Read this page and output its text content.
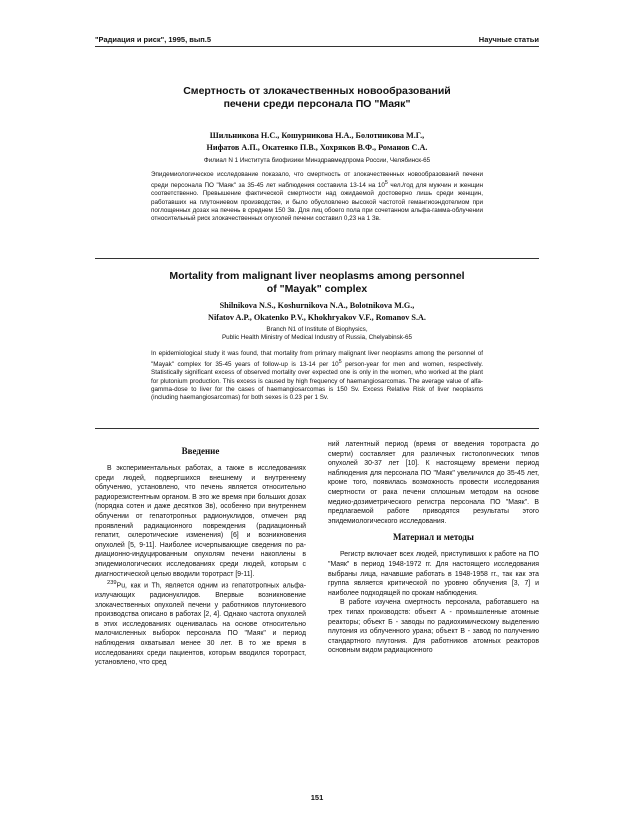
"Радиация и риск", 1995, вып.5	Научные статьи
Смертность от злокачественных новообразований
печени среди персонала ПО "Маяк"
Шильникова Н.С., Кошурникова Н.А., Болотникова М.Г.,
Нифатов А.П., Окатенко П.В., Хохряков В.Ф., Романов С.А.
Филиал N 1 Института биофизики Минздравмедпрома России, Челябинск-65

Эпидемиологическое исследование показало, что смертность от злокачественных новообразований печени среди персонала ПО "Маяк" за 35-45 лет наблюдения составила 13-14 на $10^5$ чел./год для мужчин и женщин соответственно. Превышение фактической смертности над ожидаемой достоверно лишь среди женщин, работавших на плутониевом производстве, и было обусловлено высокой частотой гемангиоэндотелиом при поглощенных дозах на печень в среднем 150 Зв. Для лиц обоего пола при сочетанном альфа-гамма-облучении относительный риск злокачественных опухолей печени составил 0,23 на 1 Зв.

Mortality from malignant liver neoplasms among personnel
of "Mayak" complex
Shilnikova N.S., Koshurnikova N.A., Bolotnikova M.G.,
Nifatov A.P., Okatenko P.V., Khokhryakov V.F., Romanov S.A.
Branch N1 of Institute of Biophysics,
Public Health Ministry of Medical Industry of Russia, Chelyabinsk-65

In epidemiological study it was found, that mortality from primary malignant liver neoplasms among the personnel of "Mayak" complex for 35-45 years of follow-up is 13-14 per $10^5$ person-year for men and women, respectively. Statistically significant excess of observed mortality over expected one is only in the women, who worked at the plant for plutonium production. This excess is caused by high frequency of haemangiosarcomas. The average value of alfa-gamma-dose to liver for the cases of haemangiosarcomas is 150 Sv. Excess Relative Risk of liver neoplasms (including haemangiosarcomas) for both sexes is 0.23 per 1 Sv.

Введение

В экспериментальных работах, а также в исследованиях среди людей, подвергшихся внешнему и внутреннему облучению, установлено, что печень является относительно радиорезистентным органом. В это же время при больших дозах (порядка сотен и даже десятков Зв), особенно при внутреннем облучении от гепатотропных радионуклидов, отмечен ряд проявлений радиационного повреждения (радиационный гепатит, склеротические изменения) [6] и возникновения опухолей [5, 9-11]. Наиболее исчерпывающие сведения по радиационно-индуцированным опухолям печени накоплены в эпидемиологических исследованиях среди людей, которым с диагностической целью вводили торотраст [9-11].

$^{239}$Pu, как и Th, является одним из гепатотропных альфа-излучающих радионуклидов. Впервые возникновение злокачественных опухолей печени у работников плутониевого производства описано в работах [2, 4]. Однако частота опухолей в этих исследованиях оценивалась на основе относительно малочисленных выборок персонала ПО "Маяк" и период наблюдения охватывал менее 30 лет. В то же время в исследованиях среди пациентов, которым вводился торотраст, установлено, что сред

ний латентный период (время от введения торотраста до смерти) составляет для различных гистологических типов опухолей 30-37 лет [10]. К настоящему времени период наблюдения для персонала ПО "Маяк" увеличился до 35-45 лет, кроме того, появилась возможность провести исследования смертности от рака печени сплошным методом на основе медико-дозиметрического регистра персонала ПО "Маяк". В предлагаемой работе приводятся результаты этого эпидемиологического исследования.

Материал и методы

Регистр включает всех людей, приступивших к работе на ПО "Маяк" в период 1948-1972 гг. Для настоящего исследования выбраны лица, начавшие работать в 1948-1958 гг., так как эта группа является критической по уровню облучения [3, 7] и наиболее подходящей по срокам наблюдения.

В работе изучена смертность персонала, работавшего на трех типах производств: объект А - промышленные атомные реакторы; объект Б - заводы по радиохимическому выделению плутония из облученного урана; объект В - завод по получению стандартного плутония. Для работников атомных реакторов основным видом радиационного

151
